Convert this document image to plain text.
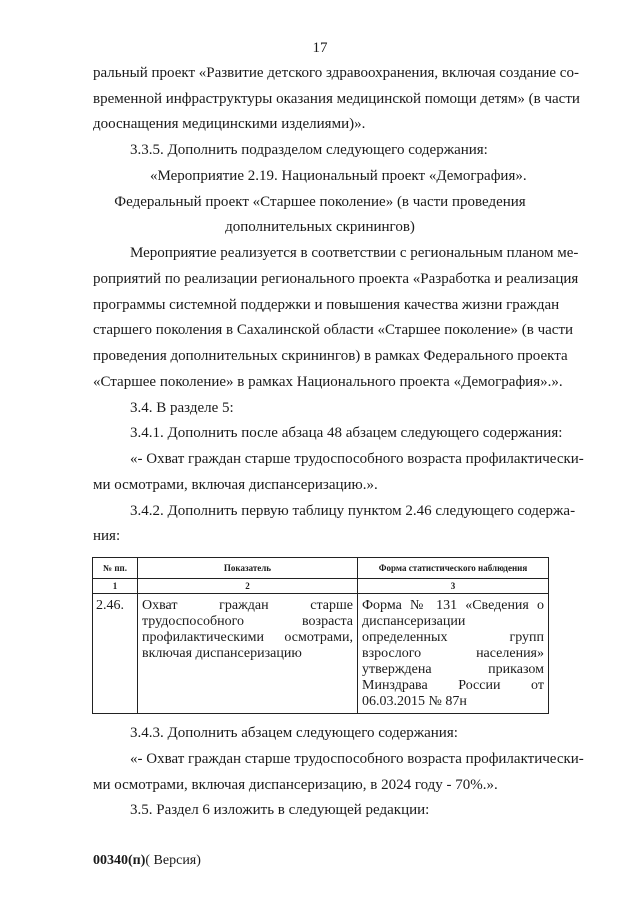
17
ральный проект «Развитие детского здравоохранения, включая создание со-
временной инфраструктуры оказания медицинской помощи детям» (в части
дооснащения медицинскими изделиями)».
3.3.5. Дополнить подразделом следующего содержания:
«Мероприятие 2.19. Национальный проект «Демография».
Федеральный проект «Старшее поколение» (в части проведения
дополнительных скринингов)
Мероприятие реализуется в соответствии с региональным планом ме-
роприятий по реализации регионального проекта «Разработка и реализация
программы системной поддержки и повышения качества жизни граждан
старшего поколения в Сахалинской области «Старшее поколение» (в части
проведения дополнительных скринингов) в рамках Федерального проекта
«Старшее поколение» в рамках Национального проекта «Демография».».
3.4. В разделе 5:
3.4.1. Дополнить после абзаца 48 абзацем следующего содержания:
«- Охват граждан старше трудоспособного возраста профилактически-
ми осмотрами, включая диспансеризацию.».
3.4.2. Дополнить первую таблицу пунктом 2.46 следующего содержа-
ния:
№ пп.	Показатель	Форма статистического наблюдения
1	2	3
2.46.	Охват граждан старше трудоспособного возраста профилактическими осмотрами, включая диспансеризацию	Форма № 131 «Сведения о диспансеризации определенных групп взрослого населения» утверждена приказом Минздрава России от 06.03.2015 № 87н
3.4.3. Дополнить абзацем следующего содержания:
«- Охват граждан старше трудоспособного возраста профилактически-
ми осмотрами, включая диспансеризацию, в 2024 году - 70%.».
3.5. Раздел 6 изложить в следующей редакции:
00340(п)( Версия)
